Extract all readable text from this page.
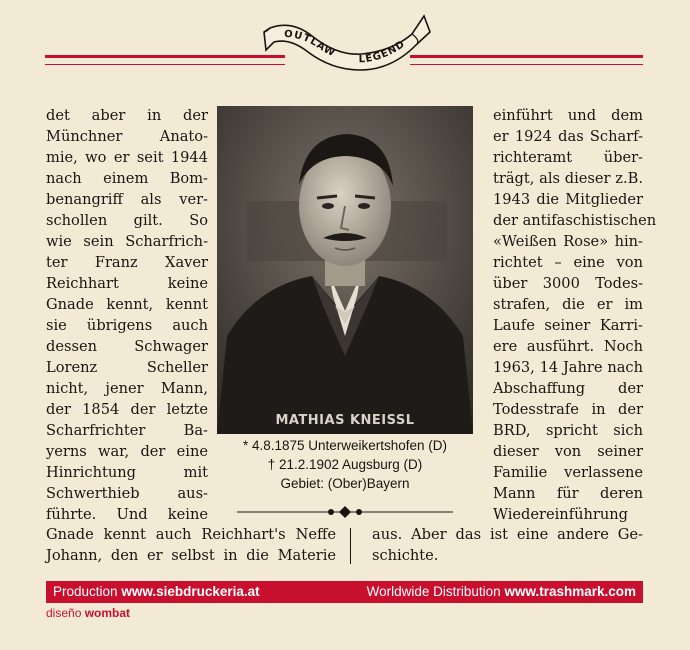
OUTLAW
LEGEND
det aber in der
Münchner Anato-
mie, wo er seit 1944
nach einem Bom-
benangriff als ver-
schollen gilt. So
wie sein Scharfrich-
ter Franz Xaver
Reichhart keine
Gnade kennt, kennt
sie übrigens auch
dessen Schwager
Lorenz Scheller
nicht, jener Mann,
der 1854 der letzte
Scharfrichter Ba-
yerns war, der eine
Hinrichtung mit
Schwerthieb aus-
führte. Und keine
einführt und dem
er 1924 das Scharf-
richteramt über-
trägt, als dieser z.B.
1943 die Mitglieder
der antifaschistischen
«Weißen Rose» hin-
richtet – eine von
über 3000 Todes-
strafen, die er im
Laufe seiner Karri-
ere ausführt. Noch
1963, 14 Jahre nach
Abschaffung der
Todesstrafe in der
BRD, spricht sich
dieser von seiner
Familie verlassene
Mann für deren
Wiedereinführung
MATHIAS KNEISSL
* 4.8.1875 Unterweikertshofen (D)
† 21.2.1902 Augsburg (D)
Gebiet: (Ober)Bayern
Gnade kennt auch Reichhart's Neffe
Johann, den er selbst in die Materie
aus. Aber das ist eine andere Ge-
schichte.
Production www.siebdruckeria.at	Worldwide Distribution www.trashmark.com
diseño wombat
